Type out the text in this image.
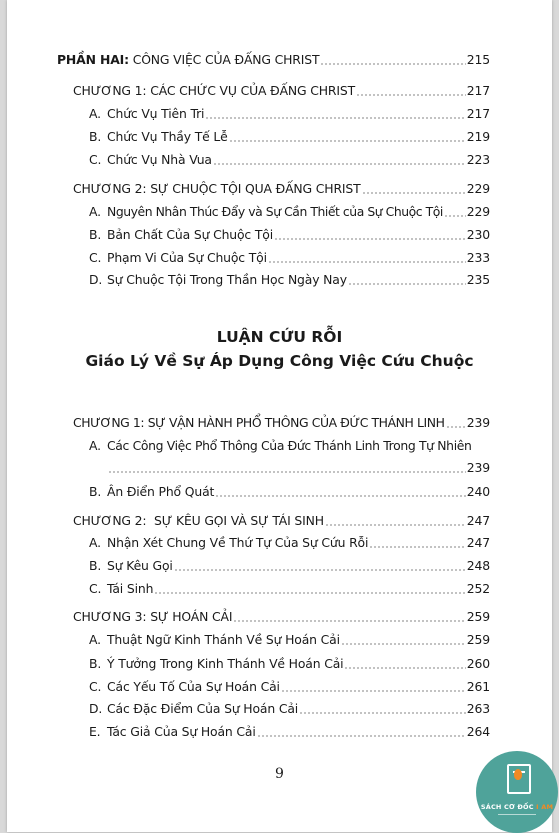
PHẦN HAI: CÔNG VIỆC CỦA ĐẤNG CHRIST	215
CHƯƠNG 1: CÁC CHỨC VỤ CỦA ĐẤNG CHRIST	217
A. Chức Vụ Tiên Tri	217
B. Chức Vụ Thầy Tế Lễ	219
C. Chức Vụ Nhà Vua	223
CHƯƠNG 2: SỰ CHUỘC TỘI QUA ĐẤNG CHRIST	229
A. Nguyên Nhân Thúc Đẩy và Sự Cần Thiết của Sự Chuộc Tội 229
B. Bản Chất Của Sự Chuộc Tội	230
C. Phạm Vi Của Sự Chuộc Tội	233
D. Sự Chuộc Tội Trong Thần Học Ngày Nay	235
LUẬN CỨU RỖI
Giáo Lý Về Sự Áp Dụng Công Việc Cứu Chuộc
CHƯƠNG 1: SỰ VẬN HÀNH PHỔ THÔNG CỦA ĐỨC THÁNH LINH 239
A. Các Công Việc Phổ Thông Của Đức Thánh Linh Trong Tự Nhiên
239
B. Ân Điển Phổ Quát	240
CHƯƠNG 2:  SỰ KÊU GỌI VÀ SỰ TÁI SINH	247
A. Nhận Xét Chung Về Thứ Tự Của Sự Cứu Rỗi	247
B. Sự Kêu Gọi	248
C. Tái Sinh	252
CHƯƠNG 3: SỰ HOÁN CẢI	259
A. Thuật Ngữ Kinh Thánh Về Sự Hoán Cải	259
B. Ý Tưởng Trong Kinh Thánh Về Hoán Cải	260
C. Các Yếu Tố Của Sự Hoán Cải	261
D. Các Đặc Điểm Của Sự Hoán Cải	263
E. Tác Giả Của Sự Hoán Cải	264
9
SÁCH CƠ ĐỐC I AM
